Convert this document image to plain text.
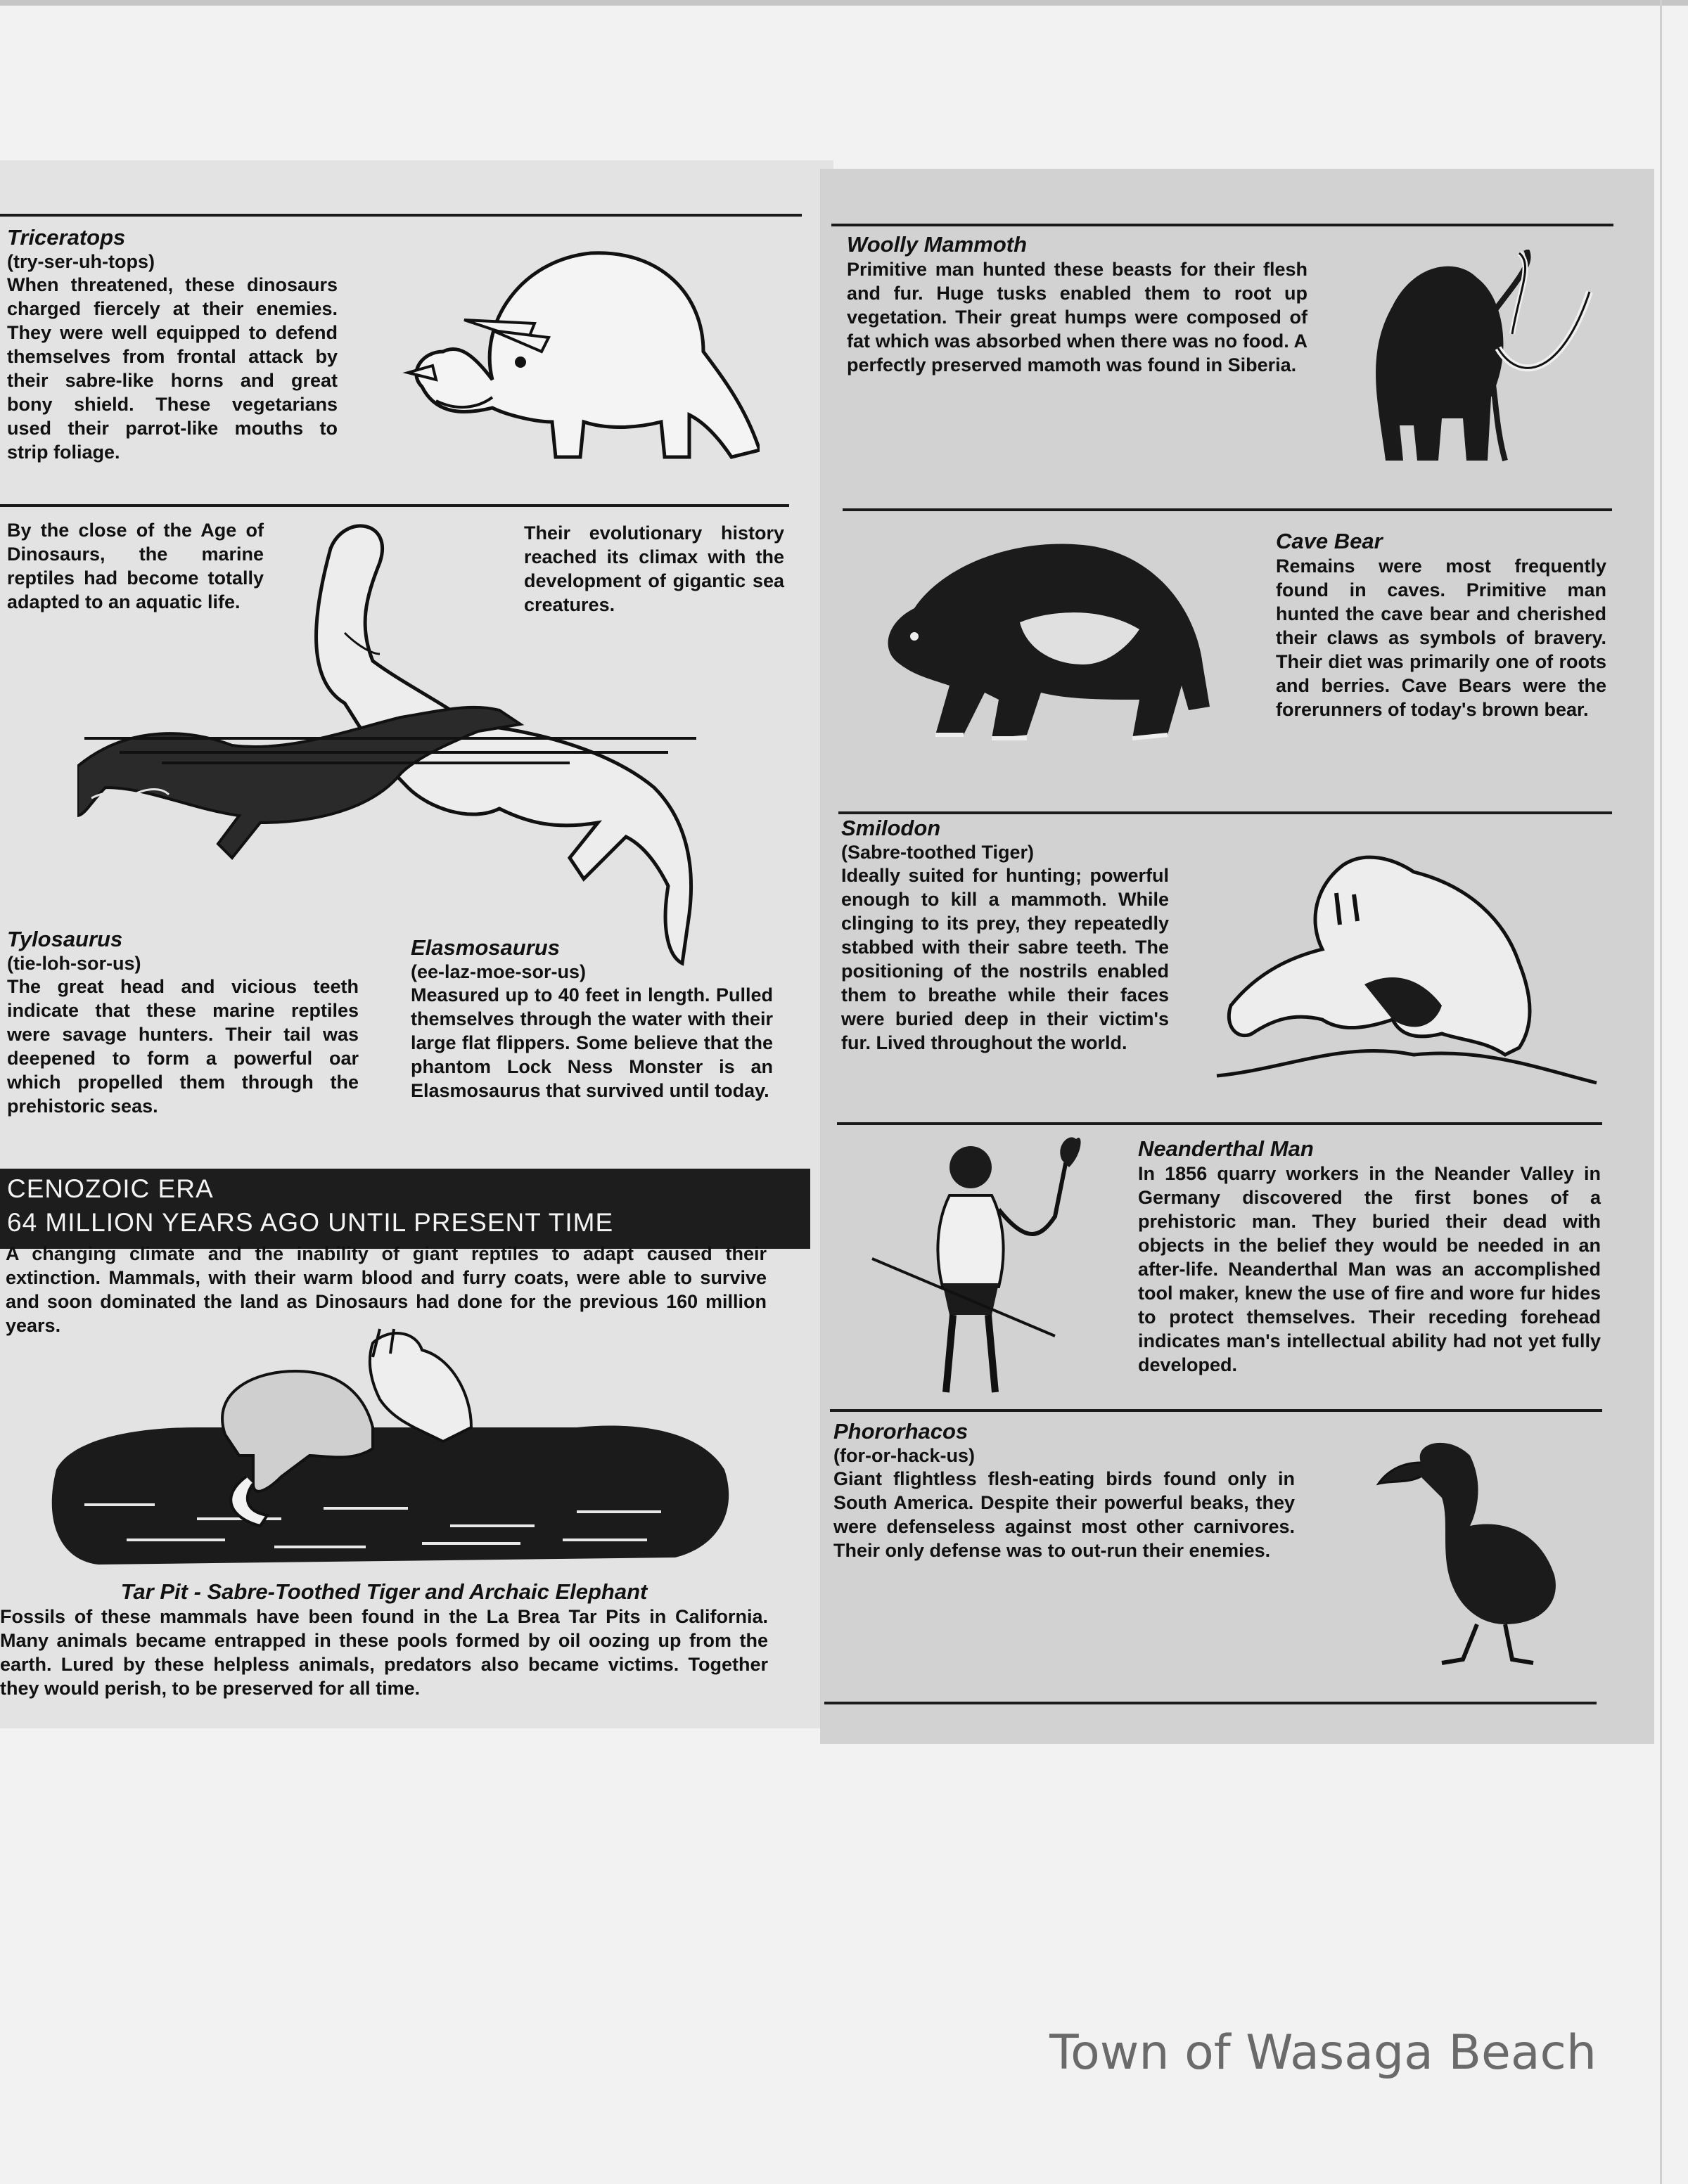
Triceratops
(try-ser-uh-tops)
When threatened, these dinosaurs charged fiercely at their enemies. They were well equipped to defend themselves from frontal attack by their sabre-like horns and great bony shield. These vegetarians used their parrot-like mouths to strip foliage.
By the close of the Age of Dinosaurs, the marine reptiles had become totally adapted to an aquatic life.
Their evolutionary history reached its climax with the development of gigantic sea creatures.
Tylosaurus
(tie-loh-sor-us)
The great head and vicious teeth indicate that these marine reptiles were savage hunters. Their tail was deepened to form a powerful oar which propelled them through the prehistoric seas.
Elasmosaurus
(ee-laz-moe-sor-us)
Measured up to 40 feet in length. Pulled themselves through the water with their large flat flippers. Some believe that the phantom Lock Ness Monster is an Elasmosaurus that survived until today.
CENOZOIC ERA
64 MILLION YEARS AGO UNTIL PRESENT TIME
A changing climate and the inability of giant reptiles to adapt caused their extinction. Mammals, with their warm blood and furry coats, were able to survive and soon dominated the land as Dinosaurs had done for the previous 160 million years.
Tar Pit - Sabre-Toothed Tiger and Archaic Elephant
Fossils of these mammals have been found in the La Brea Tar Pits in California. Many animals became entrapped in these pools formed by oil oozing up from the earth. Lured by these helpless animals, predators also became victims. Together they would perish, to be preserved for all time.
Woolly Mammoth
Primitive man hunted these beasts for their flesh and fur. Huge tusks enabled them to root up vegetation. Their great humps were composed of fat which was absorbed when there was no food. A perfectly preserved mamoth was found in Siberia.
Cave Bear
Remains were most frequently found in caves. Primitive man hunted the cave bear and cherished their claws as symbols of bravery. Their diet was primarily one of roots and berries. Cave Bears were the forerunners of today's brown bear.
Smilodon
(Sabre-toothed Tiger)
Ideally suited for hunting; powerful enough to kill a mammoth. While clinging to its prey, they repeatedly stabbed with their sabre teeth. The positioning of the nostrils enabled them to breathe while their faces were buried deep in their victim's fur. Lived throughout the world.
Neanderthal Man
In 1856 quarry workers in the Neander Valley in Germany discovered the first bones of a prehistoric man. They buried their dead with objects in the belief they would be needed in an after-life. Neanderthal Man was an accomplished tool maker, knew the use of fire and wore fur hides to protect themselves. Their receding forehead indicates man's intellectual ability had not yet fully developed.
Phororhacos
(for-or-hack-us)
Giant flightless flesh-eating birds found only in South America. Despite their powerful beaks, they were defenseless against most other carnivores. Their only defense was to out-run their enemies.
Town of Wasaga Beach
